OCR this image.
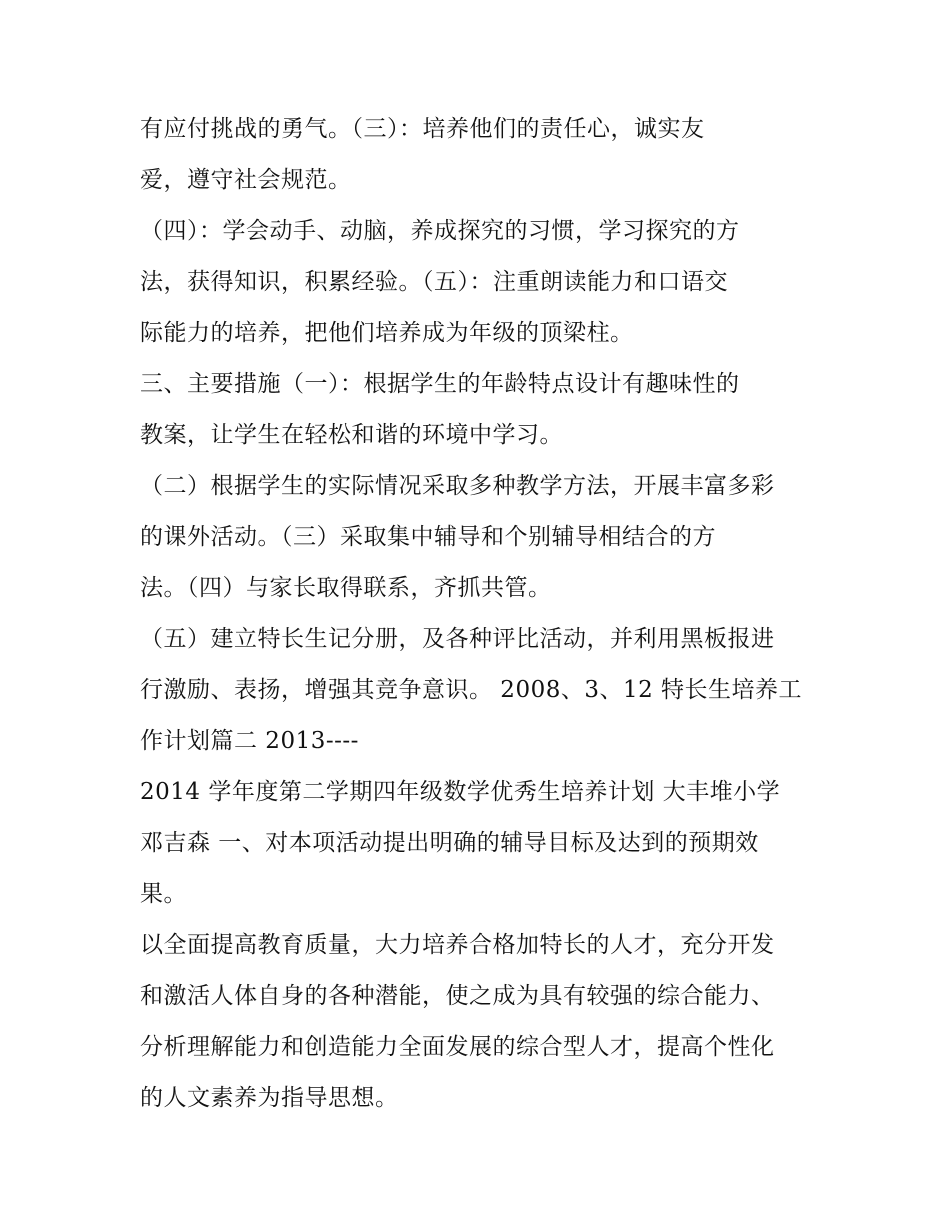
有应付挑战的勇气。（三）：培养他们的责任心，诚实友
爱，遵守社会规范。
（四）：学会动手、动脑，养成探究的习惯，学习探究的方
法，获得知识，积累经验。（五）：注重朗读能力和口语交
际能力的培养，把他们培养成为年级的顶梁柱。
三、主要措施（一）：根据学生的年龄特点设计有趣味性的
教案，让学生在轻松和谐的环境中学习。
（二）根据学生的实际情况采取多种教学方法，开展丰富多彩
的课外活动。（三）采取集中辅导和个别辅导相结合的方
法。（四）与家长取得联系，齐抓共管。
（五）建立特长生记分册，及各种评比活动，并利用黑板报进
行激励、表扬，增强其竞争意识。 2008、3、12 特长生培养工
作计划篇二 2013----
2014 学年度第二学期四年级数学优秀生培养计划 大丰堆小学
邓吉森 一、对本项活动提出明确的辅导目标及达到的预期效
果。
以全面提高教育质量，大力培养合格加特长的人才，充分开发
和激活人体自身的各种潜能，使之成为具有较强的综合能力、
分析理解能力和创造能力全面发展的综合型人才，提高个性化
的人文素养为指导思想。
